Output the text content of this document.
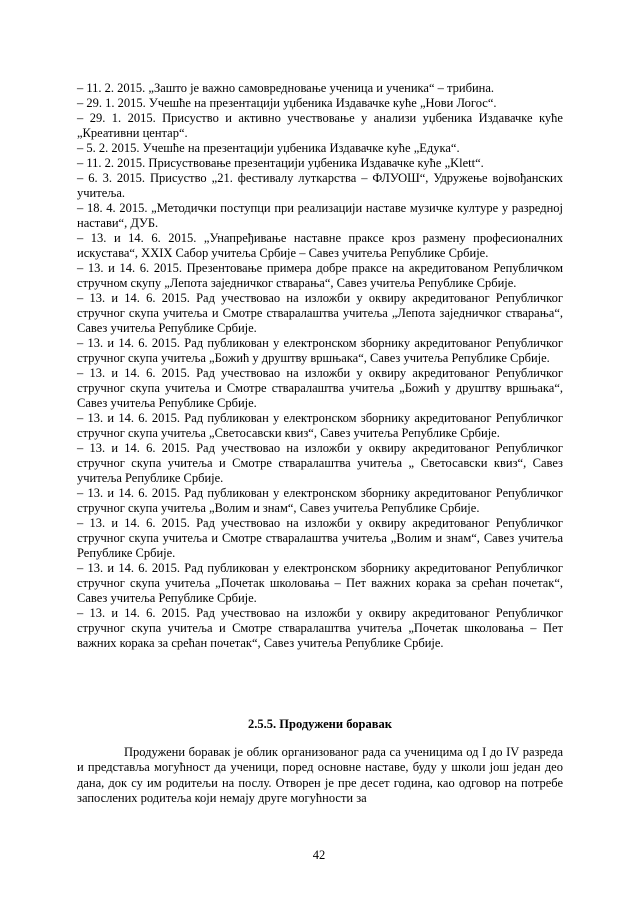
– 11. 2. 2015. „Зашто је важно самовредновање ученица и ученика“ – трибина.

– 29. 1. 2015. Учешће на презентацији уџбеника Издавачке куће „Нови Логос“.

– 29. 1. 2015. Присуство и активно учествовање у анализи уџбеника Издавачке куће „Креативни центар“.

– 5. 2. 2015. Учешће на презентацији уџбеника Издавачке куће „Едука“.

– 11. 2. 2015. Присуствовање презентацији уџбеника Издавачке куће „Klett“.

– 6. 3. 2015. Присуство „21. фестивалу луткарства – ФЛУОШ“, Удружење војвођанских учитеља.

– 18. 4. 2015. „Методички поступци при реализацији наставе музичке културе у разредној настави“, ДУБ.

– 13. и 14. 6. 2015. „Унапређивање наставне праксе кроз размену професионалних искустава“, XXIX Сабор учитеља Србије – Савез учитеља Републике Србије.

– 13. и 14. 6. 2015. Презентовање примера добре праксе на акредитованом Републичком стручном скупу „Лепота заједничког стварања“, Савез учитеља Републике Србије.

– 13. и 14. 6. 2015. Рад учествовао на изложби у оквиру акредитованог Републичког стручног скупа учитеља и Смотре стваралаштва учитеља „Лепота заједничког стварања“, Савез учитеља Републике Србије.

– 13. и 14. 6. 2015. Рад публикован у електронском зборнику акредитованог Републичког стручног скупа учитеља „Божић у друштву вршњака“, Савез учитеља Републике Србије.

– 13. и 14. 6. 2015. Рад учествовао на изложби у оквиру акредитованог Републичког стручног скупа учитеља и Смотре стваралаштва учитеља „Божић у друштву вршњака“, Савез учитеља Републике Србије.

– 13. и 14. 6. 2015. Рад публикован у електронском зборнику акредитованог Републичког стручног скупа учитеља „Светосавски квиз“, Савез учитеља Републике Србије.

– 13. и 14. 6. 2015. Рад учествовао на изложби у оквиру акредитованог Републичког стручног скупа учитеља и Смотре стваралаштва учитеља „ Светосавски квиз“, Савез учитеља Републике Србије.

– 13. и 14. 6. 2015. Рад публикован у електронском зборнику акредитованог Републичког стручног скупа учитеља „Волим и знам“, Савез учитеља Републике Србије.

– 13. и 14. 6. 2015. Рад учествовао на изложби у оквиру акредитованог Републичког стручног скупа учитеља и Смотре стваралаштва учитеља „Волим и знам“, Савез учитеља Републике Србије.

– 13. и 14. 6. 2015. Рад публикован у електронском зборнику акредитованог Републичког стручног скупа учитеља „Почетак школовања – Пет важних корака за срећан почетак“, Савез учитеља Републике Србије.

– 13. и 14. 6. 2015. Рад учествовао на изложби у оквиру акредитованог Републичког стручног скупа учитеља и Смотре стваралаштва учитеља „Почетак школовања – Пет важних корака за срећан почетак“, Савез учитеља Републике Србије.

2.5.5. Продужени боравак

Продужени боравак је облик организованог рада са ученицима од I до IV разреда и представља могућност да ученици, поред основне наставе, буду у школи још један део дана, док су им родитељи на послу. Отворен је пре десет година, као одговор на потребе запослених родитеља који немају друге могућности за

42
